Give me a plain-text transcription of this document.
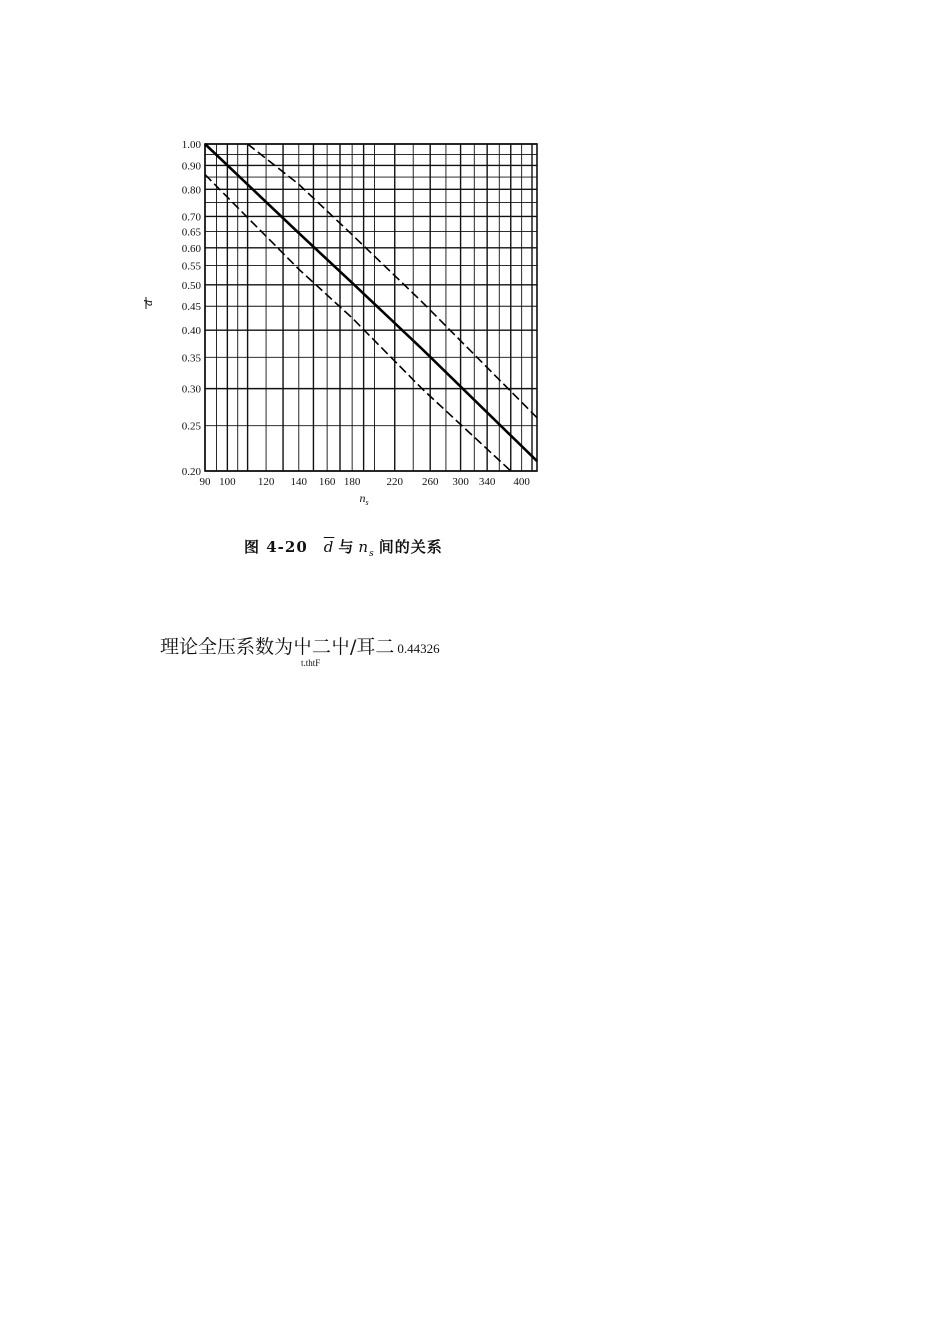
1.00
0.90
0.80
0.70
0.65
0.60
0.55
0.50
0.45
0.40
0.35
0.30
0.25
0.20
90 100 120 140 160 180 220 260 300 340 400
d
$n_s$
图 4-20 $\overline{d}$ 与 $n_s$ 间的关系
理论全压系数为屮二屮/耳二 0.44326
t.thtF
